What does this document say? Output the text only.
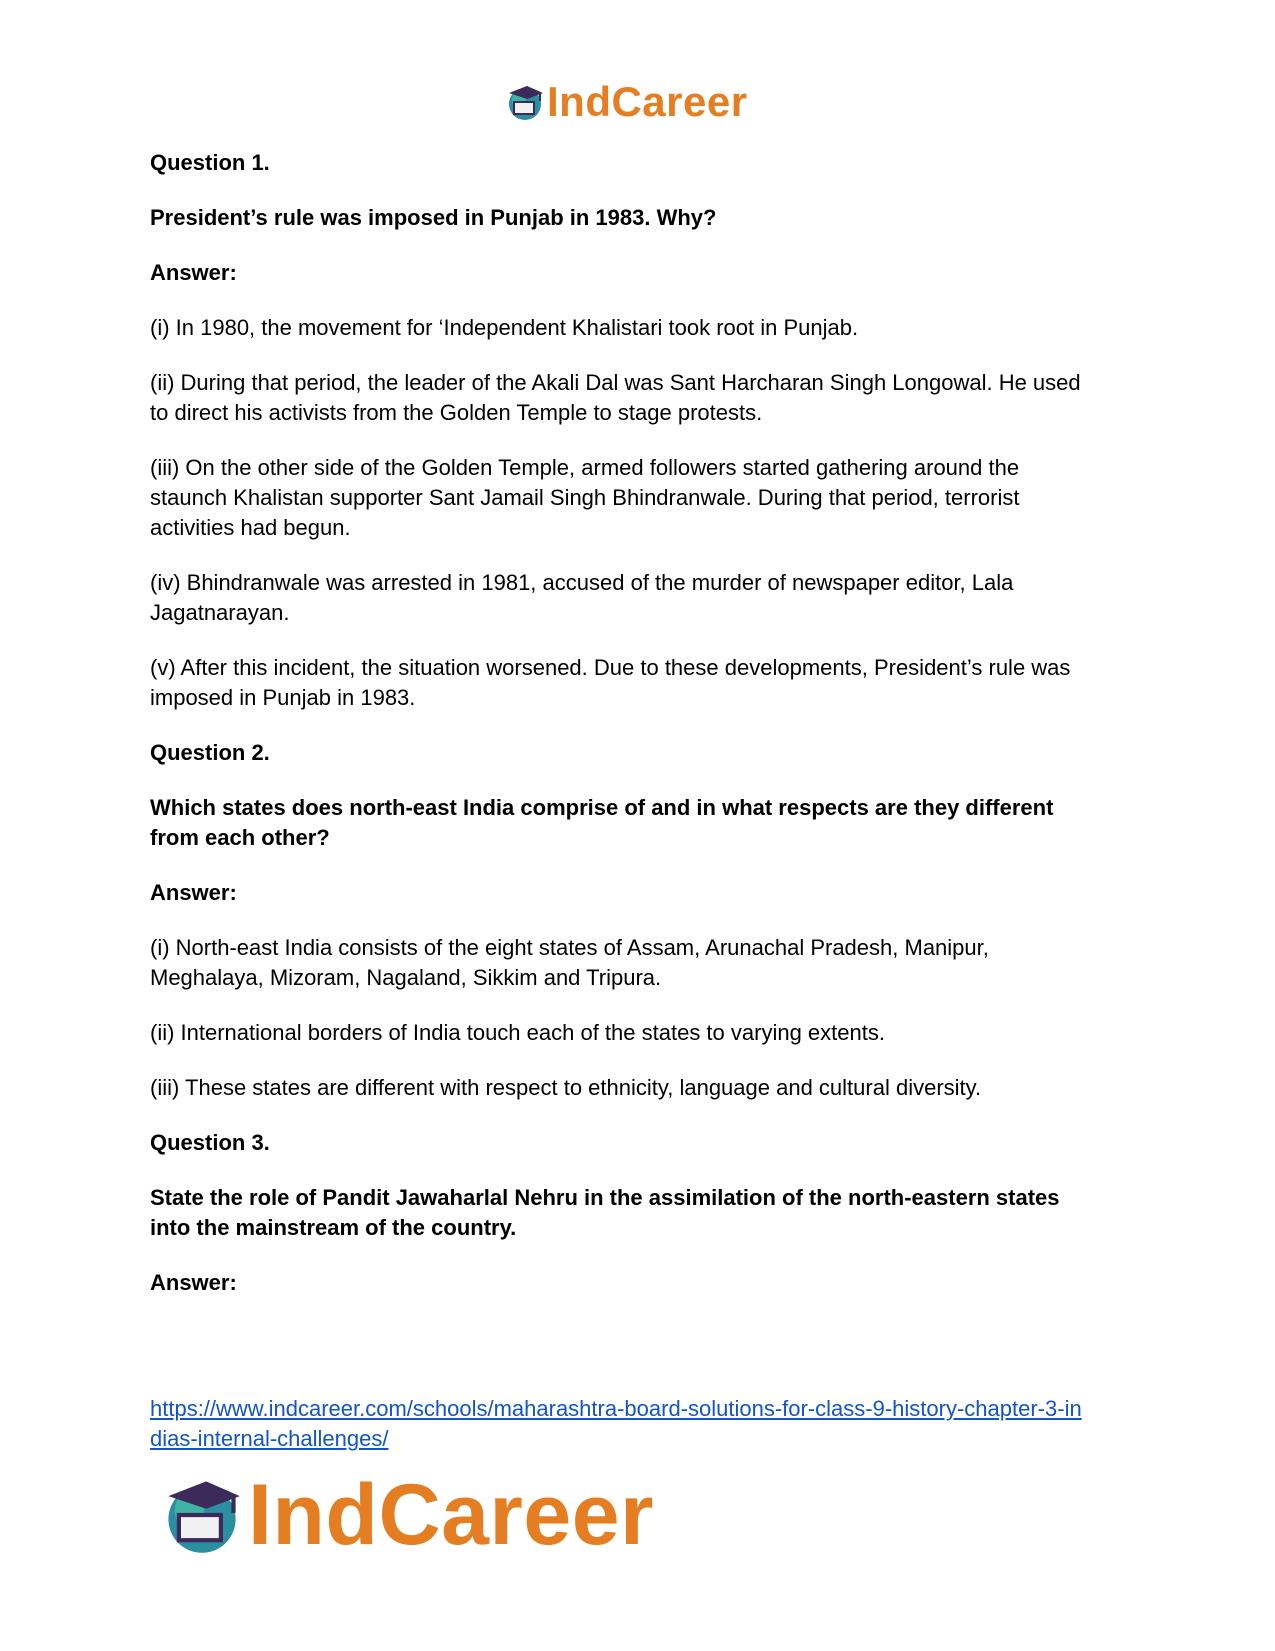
IndCareer

Question 1.

President’s rule was imposed in Punjab in 1983. Why?

Answer:

(i) In 1980, the movement for ‘Independent Khalistari took root in Punjab.

(ii) During that period, the leader of the Akali Dal was Sant Harcharan Singh Longowal. He used

to direct his activists from the Golden Temple to stage protests.

(iii) On the other side of the Golden Temple, armed followers started gathering around the

staunch Khalistan supporter Sant Jamail Singh Bhindranwale. During that period, terrorist

activities had begun.

(iv) Bhindranwale was arrested in 1981, accused of the murder of newspaper editor, Lala

Jagatnarayan.

(v) After this incident, the situation worsened. Due to these developments, President’s rule was

imposed in Punjab in 1983.

Question 2.

Which states does north-east India comprise of and in what respects are they different

from each other?

Answer:

(i) North-east India consists of the eight states of Assam, Arunachal Pradesh, Manipur,

Meghalaya, Mizoram, Nagaland, Sikkim and Tripura.

(ii) International borders of India touch each of the states to varying extents.

(iii) These states are different with respect to ethnicity, language and cultural diversity.

Question 3.

State the role of Pandit Jawaharlal Nehru in the assimilation of the north-eastern states

into the mainstream of the country.

Answer:

https://www.indcareer.com/schools/maharashtra-board-solutions-for-class-9-history-chapter-3-in
dias-internal-challenges/
IndCareer
